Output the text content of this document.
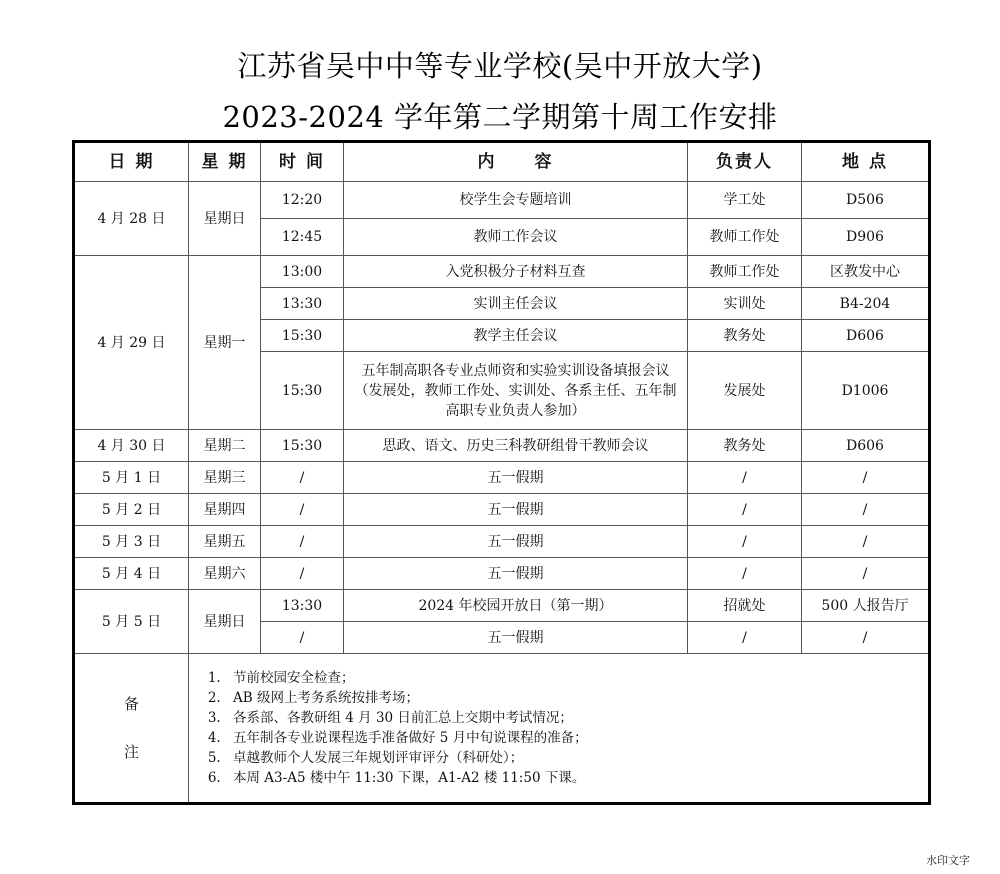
江苏省吴中中等专业学校(吴中开放大学)
2023-2024 学年第二学期第十周工作安排
日 期	星 期	时 间	内　　容	负责人	地 点
4 月 28 日	星期日	12:20	校学生会专题培训	学工处	D506
		12:45	教师工作会议	教师工作处	D906
4 月 29 日	星期一	13:00	入党积极分子材料互查	教师工作处	区教发中心
		13:30	实训主任会议	实训处	B4-204
		15:30	教学主任会议	教务处	D606
		15:30	五年制高职各专业点师资和实验实训设备填报会议（发展处，教师工作处、实训处、各系主任、五年制高职专业负责人参加）	发展处	D1006
4 月 30 日	星期二	15:30	思政、语文、历史三科教研组骨干教师会议	教务处	D606
5 月 1 日	星期三	/	五一假期	/	/
5 月 2 日	星期四	/	五一假期	/	/
5 月 3 日	星期五	/	五一假期	/	/
5 月 4 日	星期六	/	五一假期	/	/
5 月 5 日	星期日	13:30	2024 年校园开放日（第一期）	招就处	500 人报告厅
		/	五一假期	/	/

备
注

1. 节前校园安全检查；
2. AB 级网上考务系统按排考场；
3. 各系部、各教研组 4 月 30 日前汇总上交期中考试情况；
4. 五年制各专业说课程选手准备做好 5 月中旬说课程的准备；
5. 卓越教师个人发展三年规划评审评分（科研处）；
6. 本周 A3-A5 楼中午 11:30 下课，A1-A2 楼 11:50 下课。
水印文字
